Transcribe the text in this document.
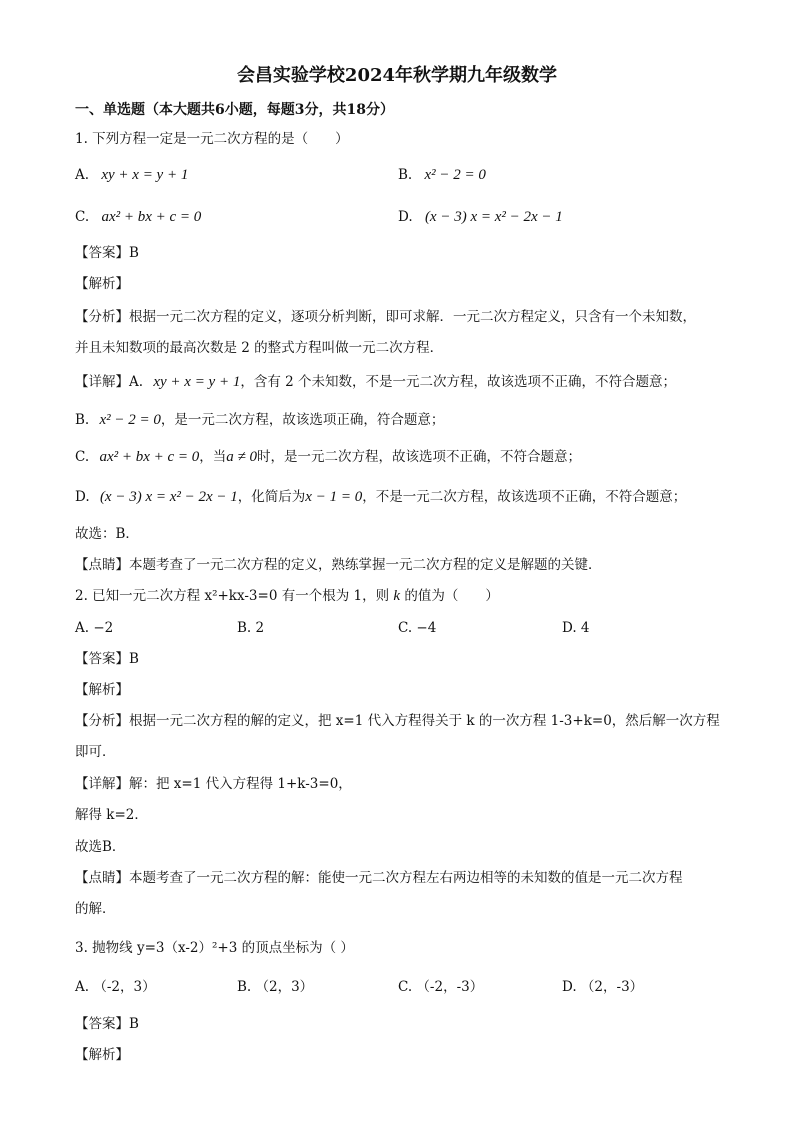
会昌实验学校2024年秋学期九年级数学
一、单选题（本大题共6小题，每题3分，共18分）
1. 下列方程一定是一元二次方程的是（　　）
A. xy + x = y + 1	B. x² − 2 = 0
C. ax² + bx + c = 0	D. (x − 3) x = x² − 2x − 1
【答案】B
【解析】
【分析】根据一元二次方程的定义，逐项分析判断，即可求解．一元二次方程定义，只含有一个未知数，
并且未知数项的最高次数是 2 的整式方程叫做一元二次方程．
【详解】A. xy + x = y + 1，含有 2 个未知数，不是一元二次方程，故该选项不正确，不符合题意；
B. x² − 2 = 0，是一元二次方程，故该选项正确，符合题意；
C. ax² + bx + c = 0，当a ≠ 0时，是一元二次方程，故该选项不正确，不符合题意；
D. (x − 3) x = x² − 2x − 1，化简后为x − 1 = 0，不是一元二次方程，故该选项不正确，不符合题意；
故选：B．
【点睛】本题考查了一元二次方程的定义，熟练掌握一元二次方程的定义是解题的关键．
2. 已知一元二次方程 x²+kx-3=0 有一个根为 1，则 k 的值为（　　）
A. −2	B. 2	C. −4	D. 4
【答案】B
【解析】
【分析】根据一元二次方程的解的定义，把 x=1 代入方程得关于 k 的一次方程 1-3+k=0，然后解一次方程
即可．
【详解】解：把 x=1 代入方程得 1+k-3=0，
解得 k=2．
故选B．
【点睛】本题考查了一元二次方程的解：能使一元二次方程左右两边相等的未知数的值是一元二次方程
的解．
3. 抛物线 y=3（x-2）²+3 的顶点坐标为（ ）
A. （-2，3）	B. （2，3）	C. （-2，-3）	D. （2，-3）
【答案】B
【解析】
